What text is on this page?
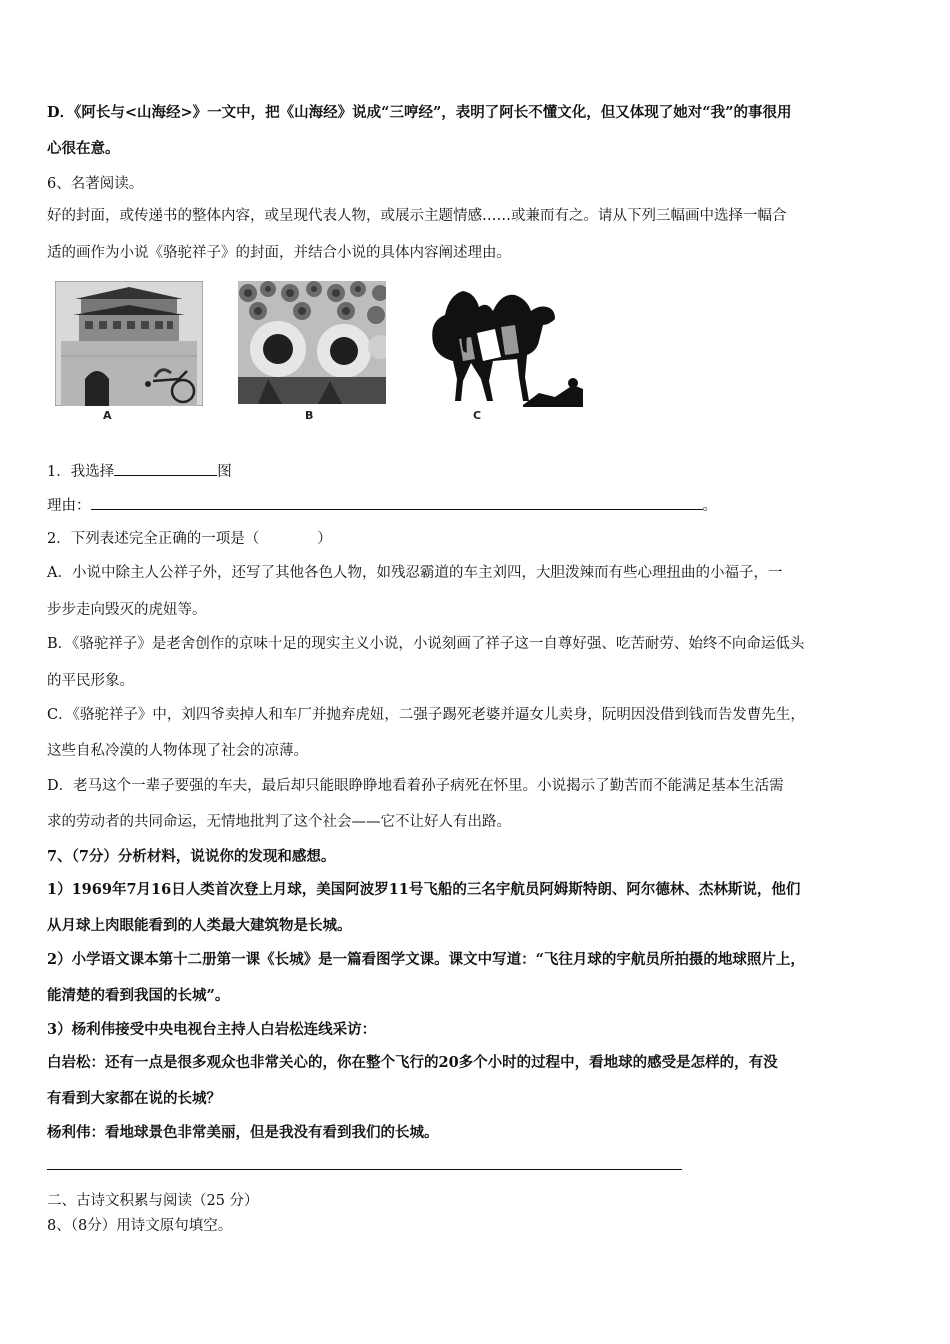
D．《阿长与<山海经>》一文中，把《山海经》说成“三哼经”，表明了阿长不懂文化，但又体现了她对“我”的事很用

心很在意。

6、名著阅读。

好的封面，或传递书的整体内容，或呈现代表人物，或展示主题情感……或兼而有之。请从下列三幅画中选择一幅合

适的画作为小说《骆驼祥子》的封面，并结合小说的具体内容阐述理由。

A	B	C

1．我选择	图

理由：	。

2．下列表述完全正确的一项是（　　　　）

A．小说中除主人公祥子外，还写了其他各色人物，如残忍霸道的车主刘四，大胆泼辣而有些心理扭曲的小福子，一

步步走向毁灭的虎妞等。

B．《骆驼祥子》是老舍创作的京味十足的现实主义小说，小说刻画了祥子这一自尊好强、吃苦耐劳、始终不向命运低头

的平民形象。

C．《骆驼祥子》中，刘四爷卖掉人和车厂并抛弃虎妞，二强子踢死老婆并逼女儿卖身，阮明因没借到钱而告发曹先生，

这些自私冷漠的人物体现了社会的凉薄。

D．老马这个一辈子要强的车夫，最后却只能眼睁睁地看着孙子病死在怀里。小说揭示了勤苦而不能满足基本生活需

求的劳动者的共同命运，无情地批判了这个社会——它不让好人有出路。

7、（7分）分析材料，说说你的发现和感想。

1）1969年7月16日人类首次登上月球，美国阿波罗11号飞船的三名宇航员阿姆斯特朗、阿尔德林、杰林斯说，他们

从月球上肉眼能看到的人类最大建筑物是长城。

2）小学语文课本第十二册第一课《长城》是一篇看图学文课。课文中写道：“飞往月球的宇航员所拍摄的地球照片上，

能清楚的看到我国的长城”。

3）杨利伟接受中央电视台主持人白岩松连线采访：

白岩松：还有一点是很多观众也非常关心的，你在整个飞行的20多个小时的过程中，看地球的感受是怎样的，有没

有看到大家都在说的长城？

杨利伟：看地球景色非常美丽，但是我没有看到我们的长城。

二、古诗文积累与阅读（25 分）

8、（8分）用诗文原句填空。
